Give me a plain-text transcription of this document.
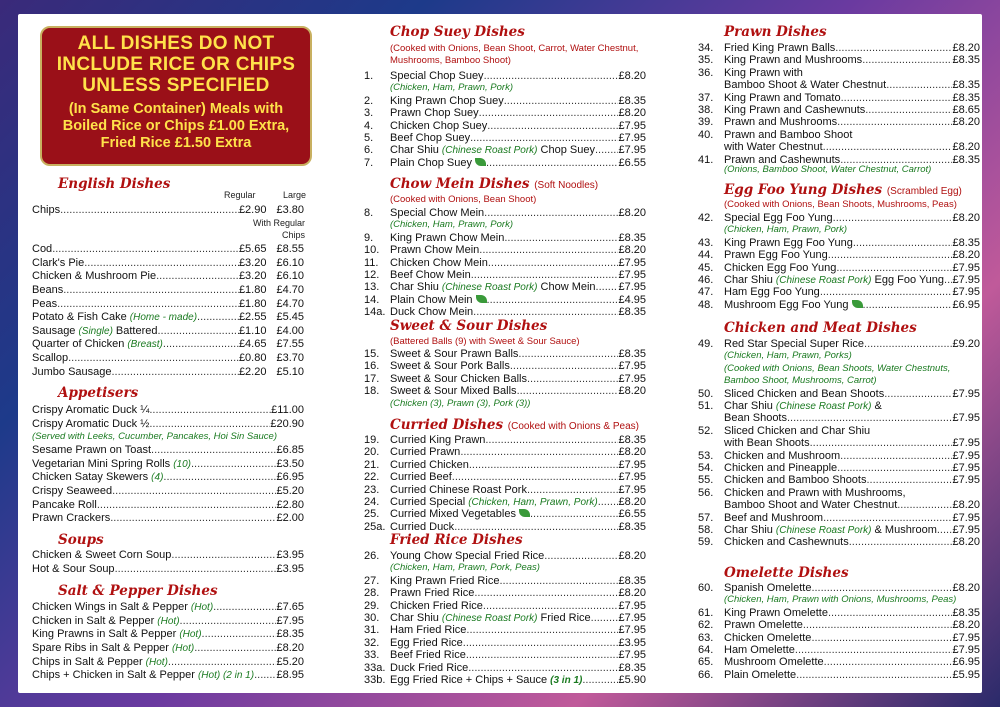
ALL DISHES DO NOT
INCLUDE RICE OR CHIPS
UNLESS SPECIFIED
(In Same Container) Meals with
Boiled Rice or Chips £1.00 Extra,
Fried Rice £1.50 Extra
English Dishes
Regular	Large
Chips .....	£2.90 £3.80
With Regular
Chips
Cod .....	£5.65 £8.55
Clark's Pie .....	£3.20 £6.10
Chicken & Mushroom Pie .....	£3.20 £6.10
Beans .....	£1.80 £4.70
Peas .....	£1.80 £4.70
Potato & Fish Cake (Home - made) .....	£2.55 £5.45
Sausage (Single) Battered .....	£1.10 £4.00
Quarter of Chicken (Breast) .....	£4.65 £7.55
Scallop .....	£0.80 £3.70
Jumbo Sausage .....	£2.20 £5.10
Appetisers
Crispy Aromatic Duck ¼ .....	£11.00
Crispy Aromatic Duck ½ .....	£20.90
(Served with Leeks, Cucumber, Pancakes, Hoi Sin Sauce)
Sesame Prawn on Toast .....	£6.85
Vegetarian Mini Spring Rolls (10) .....	£3.50
Chicken Satay Skewers (4) .....	£6.95
Crispy Seaweed .....	£5.20
Pancake Roll .....	£2.80
Prawn Crackers .....	£2.00
Soups
Chicken & Sweet Corn Soup .....	£3.95
Hot & Sour Soup .....	£3.95
Salt & Pepper Dishes
Chicken Wings in Salt & Pepper (Hot) .....	£7.65
Chicken in Salt & Pepper (Hot) .....	£7.95
King Prawns in Salt & Pepper (Hot) .....	£8.35
Spare Ribs in Salt & Pepper (Hot) .....	£8.20
Chips in Salt & Pepper (Hot) .....	£5.20
Chips + Chicken in Salt & Pepper (Hot) (2 in 1) ..... £8.95
Chop Suey Dishes
(Cooked with Onions, Bean Shoot, Carrot, Water Chestnut,
Mushrooms, Bamboo Shoot)
1.	Special Chop Suey .....	£8.20
(Chicken, Ham, Prawn, Pork)
2.	King Prawn Chop Suey .....	£8.35
3.	Prawn Chop Suey .....	£8.20
4.	Chicken Chop Suey .....	£7.95
5.	Beef Chop Suey .....	£7.95
6.	Char Shiu (Chinese Roast Pork) Chop Suey ..... £7.95
7.	Plain Chop Suey .....	£6.55
Chow Mein Dishes (Soft Noodles)
(Cooked with Onions, Bean Shoot)
8.	Special Chow Mein .....	£8.20
(Chicken, Ham, Prawn, Pork)
9.	King Prawn Chow Mein .....	£8.35
10. Prawn Chow Mein .....	£8.20
11.	Chicken Chow Mein .....	£7.95
12. Beef Chow Mein .....	£7.95
13. Char Shiu (Chinese Roast Pork) Chow Mein ..... £7.95
14. Plain Chow Mein .....	£4.95
14a. Duck Chow Mein .....	£8.35
Sweet & Sour Dishes
(Battered Balls (9) with Sweet & Sour Sauce)
15. Sweet & Sour Prawn Balls .....	£8.35
16. Sweet & Sour Pork Balls .....	£7.95
17. Sweet & Sour Chicken Balls .....	£7.95
18. Sweet & Sour Mixed Balls .....	£8.20
(Chicken (3), Prawn (3), Pork (3))
Curried Dishes (Cooked with Onions & Peas)
19. Curried King Prawn .....	£8.35
20. Curried Prawn .....	£8.20
21. Curried Chicken .....	£7.95
22. Curried Beef .....	£7.95
23. Curried Chinese Roast Pork .....	£7.95
24. Curried Special (Chicken, Ham, Prawn, Pork) ..... £8.20
25. Curried Mixed Vegetables .....	£6.55
25a. Curried Duck .....	£8.35
Fried Rice Dishes
26. Young Chow Special Fried Rice .....	£8.20
(Chicken, Ham, Prawn, Pork, Peas)
27. King Prawn Fried Rice .....	£8.35
28. Prawn Fried Rice .....	£8.20
29. Chicken Fried Rice .....	£7.95
30. Char Shiu (Chinese Roast Pork) Fried Rice .....	£7.95
31. Ham Fried Rice .....	£7.95
32. Egg Fried Rice .....	£3.95
33. Beef Fried Rice .....	£7.95
33a. Duck Fried Rice .....	£8.35
33b. Egg Fried Rice + Chips + Sauce (3 in 1) .....	£5.90
Prawn Dishes
34. Fried King Prawn Balls .....	£8.20
35. King Prawn and Mushrooms .....	£8.35
36. King Prawn with
Bamboo Shoot & Water Chestnut .....	£8.35
37. King Prawn and Tomato .....	£8.35
38. King Prawn and Cashewnuts .....	£8.65
39. Prawn and Mushrooms .....	£8.20
40. Prawn and Bamboo Shoot
with Water Chestnut .....	£8.20
41. Prawn and Cashewnuts .....	£8.35
(Onions, Bamboo Shoot, Water Chestnut, Carrot)
Egg Foo Yung Dishes (Scrambled Egg)
(Cooked with Onions, Bean Shoots, Mushrooms, Peas)
42. Special Egg Foo Yung .....	£8.20
(Chicken, Ham, Prawn, Pork)
43. King Prawn Egg Foo Yung .....	£8.35
44. Prawn Egg Foo Yung .....	£8.20
45. Chicken Egg Foo Yung .....	£7.95
46. Char Shiu (Chinese Roast Pork) Egg Foo Yung ..... £7.95
47. Ham Egg Foo Yung .....	£7.95
48. Mushroom Egg Foo Yung .....	£6.95
Chicken and Meat Dishes
49. Red Star Special Super Rice .....	£9.20
(Chicken, Ham, Prawn, Porks)
(Cooked with Onions, Bean Shoots, Water Chestnuts,
Bamboo Shoot, Mushrooms, Carrot)
50. Sliced Chicken and Bean Shoots .....	£7.95
51. Char Shiu (Chinese Roast Pork) &
Bean Shoots .....	£7.95
52. Sliced Chicken and Char Shiu
with Bean Shoots .....	£7.95
53. Chicken and Mushroom .....	£7.95
54. Chicken and Pineapple .....	£7.95
55. Chicken and Bamboo Shoots .....	£7.95
56. Chicken and Prawn with Mushrooms,
Bamboo Shoot and Water Chestnut .....	£8.20
57. Beef and Mushroom .....	£7.95
58. Char Shiu (Chinese Roast Pork) & Mushroom ..... £7.95
59. Chicken and Cashewnuts .....	£8.20
Omelette Dishes
60. Spanish Omelette .....	£8.20
(Chicken, Ham, Prawn with Onions, Mushrooms, Peas)
61. King Prawn Omelette .....	£8.35
62. Prawn Omelette .....	£8.20
63. Chicken Omelette .....	£7.95
64. Ham Omelette .....	£7.95
65. Mushroom Omelette .....	£6.95
66. Plain Omelette .....	£5.95
